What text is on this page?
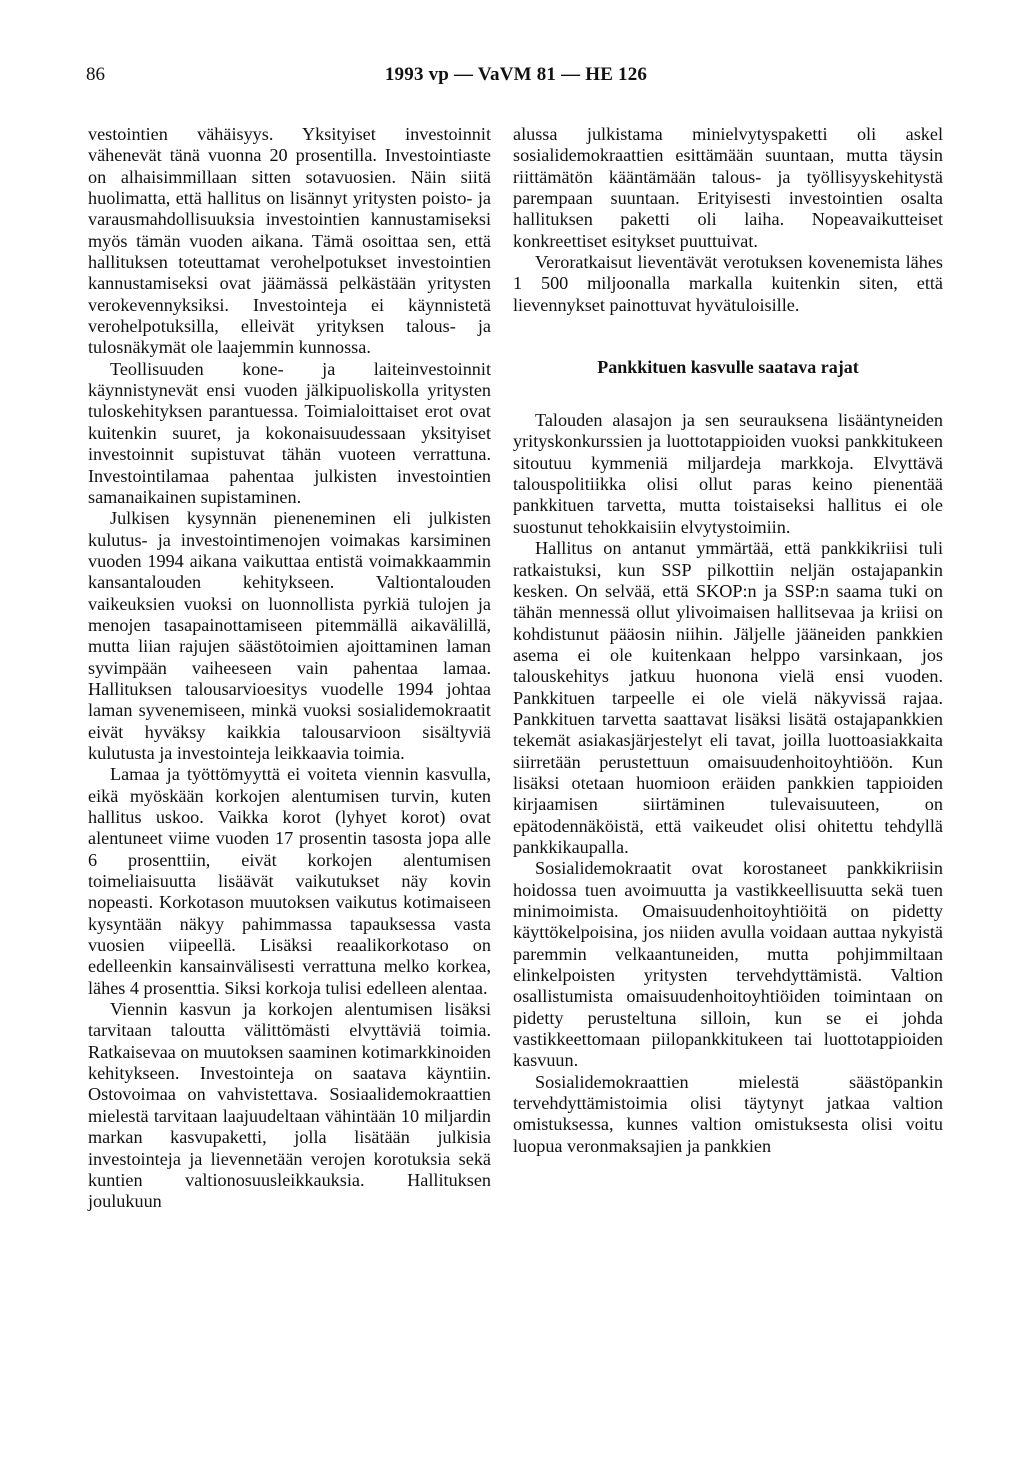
86	1993 vp — VaVM 81 — HE 126

vestointien vähäisyys. Yksityiset investoinnit vähenevät tänä vuonna 20 prosentilla. Investointiaste on alhaisimmillaan sitten sotavuosien. Näin siitä huolimatta, että hallitus on lisännyt yritysten poisto- ja varausmahdollisuuksia investointien kannustamiseksi myös tämän vuoden aikana. Tämä osoittaa sen, että hallituksen toteuttamat verohelpotukset investointien kannustamiseksi ovat jäämässä pelkästään yritysten verokevennyksiksi. Investointeja ei käynnistetä verohelpotuksilla, elleivät yrityksen talous- ja tulosnäkymät ole laajemmin kunnossa.

Teollisuuden kone- ja laiteinvestoinnit käynnistynevät ensi vuoden jälkipuoliskolla yritysten tuloskehityksen parantuessa. Toimialoittaiset erot ovat kuitenkin suuret, ja kokonaisuudessaan yksityiset investoinnit supistuvat tähän vuoteen verrattuna. Investointilamaa pahentaa julkisten investointien samanaikainen supistaminen.

Julkisen kysynnän pieneneminen eli julkisten kulutus- ja investointimenojen voimakas karsiminen vuoden 1994 aikana vaikuttaa entistä voimakkaammin kansantalouden kehitykseen. Valtiontalouden vaikeuksien vuoksi on luonnollista pyrkiä tulojen ja menojen tasapainottamiseen pitemmällä aikavälillä, mutta liian rajujen säästötoimien ajoittaminen laman syvimpään vaiheeseen vain pahentaa lamaa. Hallituksen talousarvioesitys vuodelle 1994 johtaa laman syvenemiseen, minkä vuoksi sosialidemokraatit eivät hyväksy kaikkia talousarvioon sisältyviä kulutusta ja investointeja leikkaavia toimia.

Lamaa ja työttömyyttä ei voiteta viennin kasvulla, eikä myöskään korkojen alentumisen turvin, kuten hallitus uskoo. Vaikka korot (lyhyet korot) ovat alentuneet viime vuoden 17 prosentin tasosta jopa alle 6 prosenttiin, eivät korkojen alentumisen toimeliaisuutta lisäävät vaikutukset näy kovin nopeasti. Korkotason muutoksen vaikutus kotimaiseen kysyntään näkyy pahimmassa tapauksessa vasta vuosien viipeellä. Lisäksi reaalikorkotaso on edelleenkin kansainvälisesti verrattuna melko korkea, lähes 4 prosenttia. Siksi korkoja tulisi edelleen alentaa.

Viennin kasvun ja korkojen alentumisen lisäksi tarvitaan taloutta välittömästi elvyttäviä toimia. Ratkaisevaa on muutoksen saaminen kotimarkkinoiden kehitykseen. Investointeja on saatava käyntiin. Ostovoimaa on vahvistettava. Sosiaalidemokraattien mielestä tarvitaan laajuudeltaan vähintään 10 miljardin markan kasvupaketti, jolla lisätään julkisia investointeja ja lievennetään verojen korotuksia sekä kuntien valtionosuusleikkauksia. Hallituksen joulukuun

alussa julkistama minielvytyspaketti oli askel sosialidemokraattien esittämään suuntaan, mutta täysin riittämätön kääntämään talous- ja työllisyyskehitystä parempaan suuntaan. Erityisesti investointien osalta hallituksen paketti oli laiha. Nopeavaikutteiset konkreettiset esitykset puuttuivat.

Veroratkaisut lieventävät verotuksen kovenemista lähes 1 500 miljoonalla markalla kuitenkin siten, että lievennykset painottuvat hyvätuloisille.

Pankkituen kasvulle saatava rajat

Talouden alasajon ja sen seurauksena lisääntyneiden yrityskonkurssien ja luottotappioiden vuoksi pankkitukeen sitoutuu kymmeniä miljardeja markkoja. Elvyttävä talouspolitiikka olisi ollut paras keino pienentää pankkituen tarvetta, mutta toistaiseksi hallitus ei ole suostunut tehokkaisiin elvytystoimiin.

Hallitus on antanut ymmärtää, että pankkikriisi tuli ratkaistuksi, kun SSP pilkottiin neljän ostajapankin kesken. On selvää, että SKOP:n ja SSP:n saama tuki on tähän mennessä ollut ylivoimaisen hallitsevaa ja kriisi on kohdistunut pääosin niihin. Jäljelle jääneiden pankkien asema ei ole kuitenkaan helppo varsinkaan, jos talouskehitys jatkuu huonona vielä ensi vuoden. Pankkituen tarpeelle ei ole vielä näkyvissä rajaa. Pankkituen tarvetta saattavat lisäksi lisätä ostajapankkien tekemät asiakasjärjestelyt eli tavat, joilla luottoasiakkaita siirretään perustettuun omaisuudenhoitoyhtiöön. Kun lisäksi otetaan huomioon eräiden pankkien tappioiden kirjaamisen siirtäminen tulevaisuuteen, on epätodennäköistä, että vaikeudet olisi ohitettu tehdyllä pankkikaupalla.

Sosialidemokraatit ovat korostaneet pankkikriisin hoidossa tuen avoimuutta ja vastikkeellisuutta sekä tuen minimoimista. Omaisuudenhoitoyhtiöitä on pidetty käyttökelpoisina, jos niiden avulla voidaan auttaa nykyistä paremmin velkaantuneiden, mutta pohjimmiltaan elinkelpoisten yritysten tervehdyttämistä. Valtion osallistumista omaisuudenhoitoyhtiöiden toimintaan on pidetty perusteltuna silloin, kun se ei johda vastikkeettomaan piilopankkitukeen tai luottotappioiden kasvuun.

Sosialidemokraattien mielestä säästöpankin tervehdyttämistoimia olisi täytynyt jatkaa valtion omistuksessa, kunnes valtion omistuksesta olisi voitu luopua veronmaksajien ja pankkien
